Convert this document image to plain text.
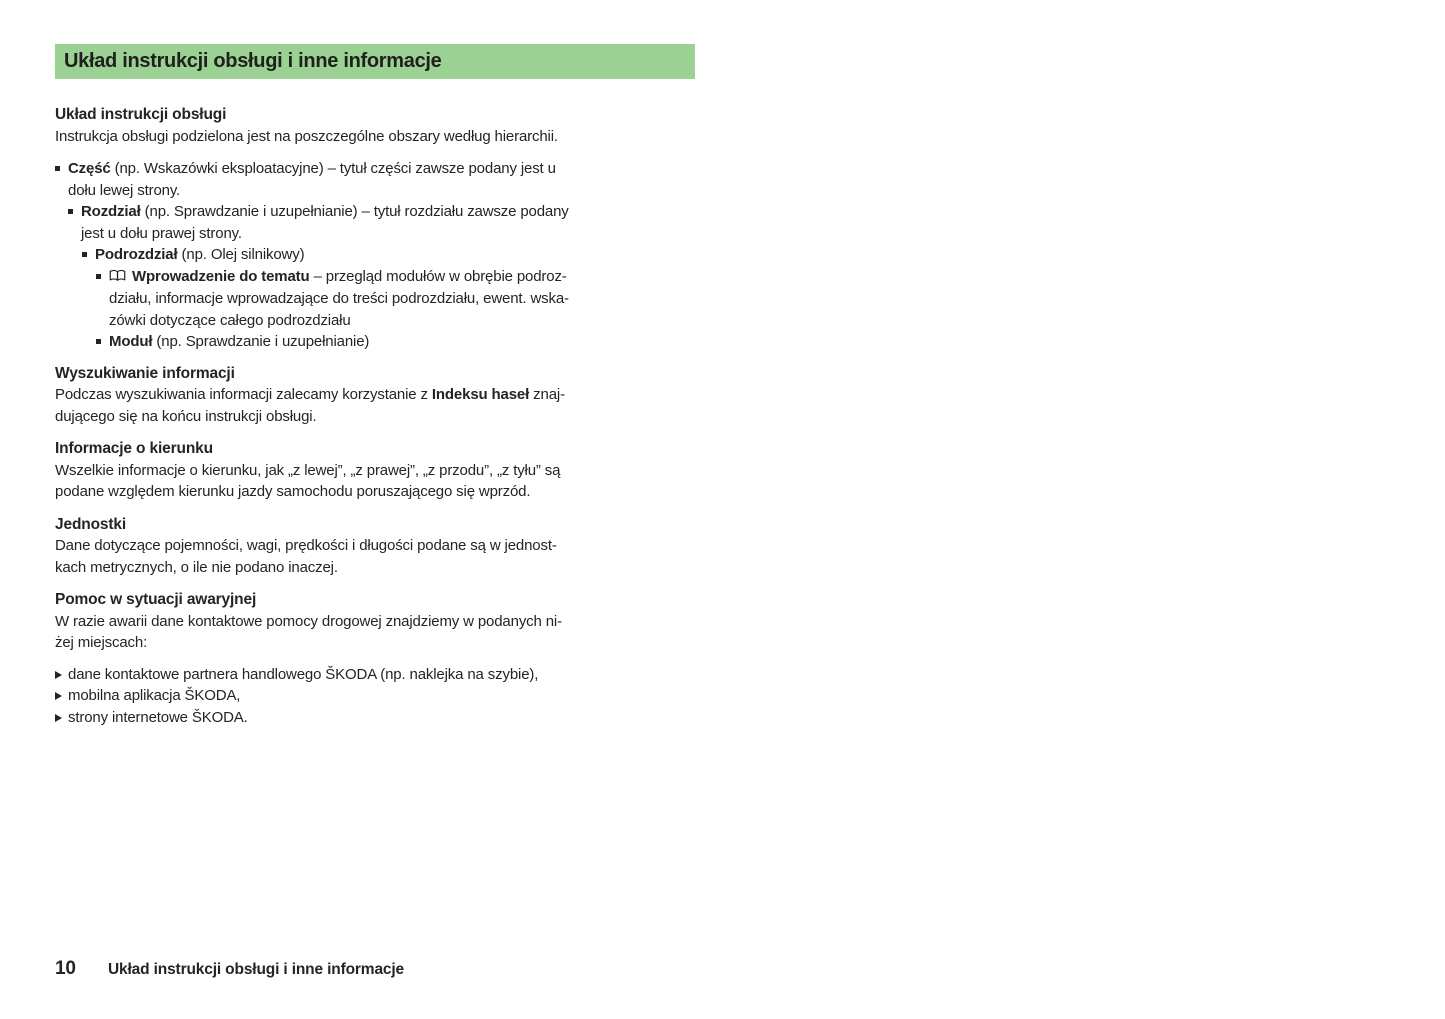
Układ instrukcji obsługi i inne informacje
Układ instrukcji obsługi
Instrukcja obsługi podzielona jest na poszczególne obszary według hierarchii.
Część (np. Wskazówki eksploatacyjne) – tytuł części zawsze podany jest u
dołu lewej strony.
Rozdział (np. Sprawdzanie i uzupełnianie) – tytuł rozdziału zawsze podany
jest u dołu prawej strony.
Podrozdział (np. Olej silnikowy)
Wprowadzenie do tematu – przegląd modułów w obrębie podroz-
działu, informacje wprowadzające do treści podrozdziału, ewent. wska-
zówki dotyczące całego podrozdziału
Moduł (np. Sprawdzanie i uzupełnianie)
Wyszukiwanie informacji
Podczas wyszukiwania informacji zalecamy korzystanie z Indeksu haseł znaj-
dującego się na końcu instrukcji obsługi.
Informacje o kierunku
Wszelkie informacje o kierunku, jak „z lewej”, „z prawej”, „z przodu”, „z tyłu” są
podane względem kierunku jazdy samochodu poruszającego się wprzód.
Jednostki
Dane dotyczące pojemności, wagi, prędkości i długości podane są w jednost-
kach metrycznych, o ile nie podano inaczej.
Pomoc w sytuacji awaryjnej
W razie awarii dane kontaktowe pomocy drogowej znajdziemy w podanych ni-
żej miejscach:
dane kontaktowe partnera handlowego ŠKODA (np. naklejka na szybie),
mobilna aplikacja ŠKODA,
strony internetowe ŠKODA.
10	Układ instrukcji obsługi i inne informacje
